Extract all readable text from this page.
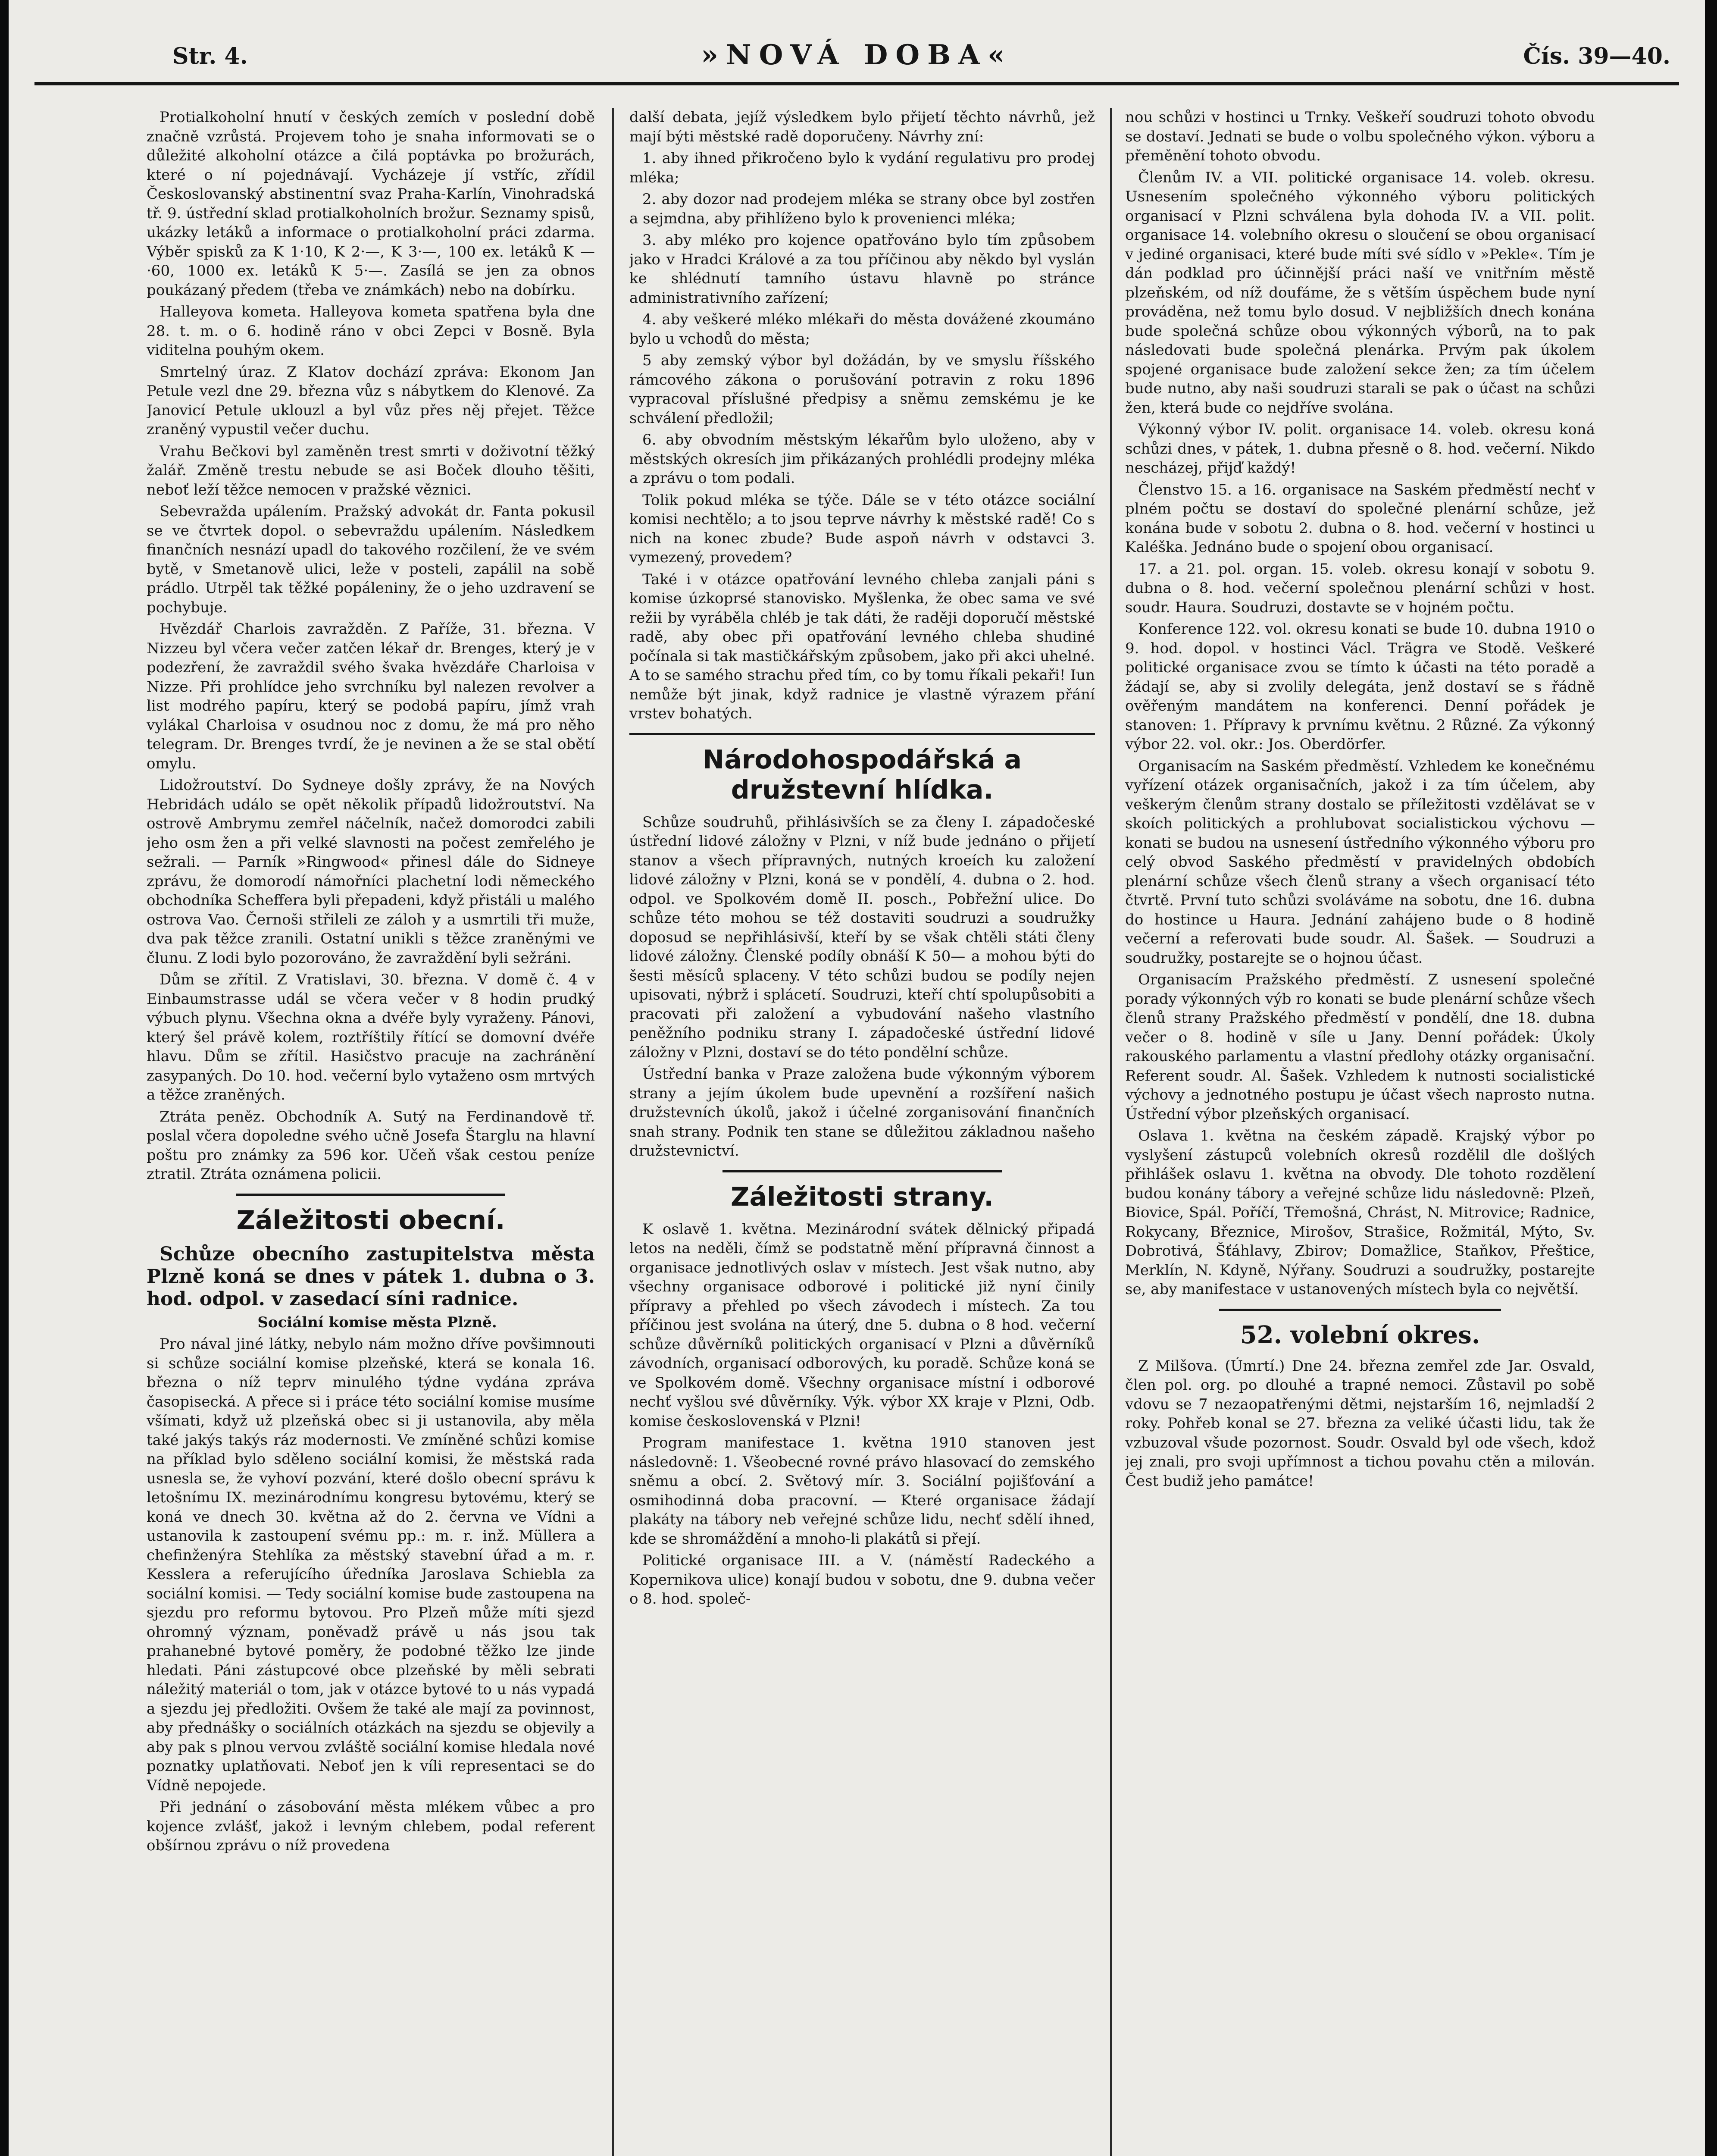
Str. 4.	»NOVÁ DOBA«	Čís. 39—40.

Protialkoholní hnutí v českých zemích v poslední době značně vzrůstá. Projevem toho je snaha informovati se o důležité alkoholní otázce a čilá poptávka po brožurách, které o ní pojednávají. Vycházeje jí vstříc, zřídil Českoslovanský abstinentní svaz Praha-Karlín, Vinohradská tř. 9. ústřední sklad protialkoholních brožur. Seznamy spisů, ukázky letáků a informace o protialkoholní práci zdarma. Výběr spisků za K 1·10, K 2·—, K 3·—, 100 ex. letáků K —·60, 1000 ex. letáků K 5·—. Zasílá se jen za obnos poukázaný předem (třeba ve známkách) nebo na dobírku.

Halleyova kometa. Halleyova kometa spatřena byla dne 28. t. m. o 6. hodině ráno v obci Zepci v Bosně. Byla viditelna pouhým okem.

Smrtelný úraz. Z Klatov dochází zpráva: Ekonom Jan Petule vezl dne 29. března vůz s nábytkem do Klenové. Za Janovicí Petule uklouzl a byl vůz přes něj přejet. Těžce zraněný vypustil večer duchu.

Vrahu Bečkovi byl zaměněn trest smrti v doživotní těžký žalář. Změně trestu nebude se asi Boček dlouho těšiti, neboť leží těžce nemocen v pražské věznici.

Sebevražda upálením. Pražský advokát dr. Fanta pokusil se ve čtvrtek dopol. o sebevraždu upálením. Následkem finančních nesnází upadl do takového rozčilení, že ve svém bytě, v Smetanově ulici, leže v posteli, zapálil na sobě prádlo. Utrpěl tak těžké popáleniny, že o jeho uzdravení se pochybuje.

Hvězdář Charlois zavražděn. Z Paříže, 31. března. V Nizzeu byl včera večer zatčen lékař dr. Brenges, který je v podezření, že zavraždil svého švaka hvězdáře Charloisa v Nizze. Při prohlídce jeho svrchníku byl nalezen revolver a list modrého papíru, který se podobá papíru, jímž vrah vylákal Charloisa v osudnou noc z domu, že má pro něho telegram. Dr. Brenges tvrdí, že je nevinen a že se stal obětí omylu.

Lidožroutství. Do Sydneye došly zprávy, že na Nových Hebridách událo se opět několik případů lidožroutství. Na ostrově Ambrymu zemřel náčelník, načež domorodci zabili jeho osm žen a při velké slavnosti na počest zemřelého je sežrali. — Parník »Ringwood« přinesl dále do Sidneye zprávu, že domorodí námořníci plachetní lodi německého obchodníka Scheffera byli přepadeni, když přistáli u malého ostrova Vao. Černoši střileli ze záloh y a usmrtili tři muže, dva pak těžce zranili. Ostatní unikli s těžce zraněnými ve člunu. Z lodi bylo pozorováno, že zavraždění byli sežráni.

Dům se zřítil. Z Vratislavi, 30. března. V domě č. 4 v Einbaumstrasse udál se včera večer v 8 hodin prudký výbuch plynu. Všechna okna a dvéře byly vyraženy. Pánovi, který šel právě kolem, roztříštily řítící se domovní dvéře hlavu. Dům se zřítil. Hasičstvo pracuje na zachránění zasypaných. Do 10. hod. večerní bylo vytaženo osm mrtvých a těžce zraněných.

Ztráta peněz. Obchodník A. Sutý na Ferdinandově tř. poslal včera dopoledne svého učně Josefa Štarglu na hlavní poštu pro známky za 596 kor. Učeň však cestou peníze ztratil. Ztráta oznámena policii.

Záležitosti obecní.

Schůze obecního zastupitelstva města Plzně koná se dnes v pátek 1. dubna o 3. hod. odpol. v zasedací síni radnice.

Sociální komise města Plzně.

Pro nával jiné látky, nebylo nám možno dříve povšimnouti si schůze sociální komise plzeňské, která se konala 16. března o níž teprv minulého týdne vydána zpráva časopisecká. A přece si i práce této sociální komise musíme všímati, když už plzeňská obec si ji ustanovila, aby měla také jakýs takýs ráz modernosti. Ve zmíněné schůzi komise na příklad bylo sděleno sociální komisi, že městská rada usnesla se, že vyhoví pozvání, které došlo obecní správu k letošnímu IX. mezinárodnímu kongresu bytovému, který se koná ve dnech 30. května až do 2. června ve Vídni a ustanovila k zastoupení svému pp.: m. r. inž. Müllera a chefinženýra Stehlíka za městský stavební úřad a m. r. Kesslera a referujícího úředníka Jaroslava Schiebla za sociální komisi. — Tedy sociální komise bude zastoupena na sjezdu pro reformu bytovou. Pro Plzeň může míti sjezd ohromný význam, poněvadž právě u nás jsou tak prahanebné bytové poměry, že podobné těžko lze jinde hledati. Páni zástupcové obce plzeňské by měli sebrati náležitý materiál o tom, jak v otázce bytové to u nás vypadá a sjezdu jej předložiti. Ovšem že také ale mají za povinnost, aby přednášky o sociálních otázkách na sjezdu se objevily a aby pak s plnou vervou zvláště sociální komise hledala nové poznatky uplatňovati. Neboť jen k víli representaci se do Vídně nepojede.

Při jednání o zásobování města mlékem vůbec a pro kojence zvlášť, jakož i levným chlebem, podal referent obšírnou zprávu o níž provedena

další debata, jejíž výsledkem bylo přijetí těchto návrhů, jež mají býti městské radě doporučeny. Návrhy zní:

1. aby ihned přikročeno bylo k vydání regulativu pro prodej mléka;

2. aby dozor nad prodejem mléka se strany obce byl zostřen a sejmdna, aby přihlíženo bylo k provenienci mléka;

3. aby mléko pro kojence opatřováno bylo tím způsobem jako v Hradci Králové a za tou příčinou aby někdo byl vyslán ke shlédnutí tamního ústavu hlavně po stránce administrativního zařízení;

4. aby veškeré mléko mlékaři do města dovážené zkoumáno bylo u vchodů do města;

5 aby zemský výbor byl dožádán, by ve smyslu říšského rámcového zákona o porušování potravin z roku 1896 vypracoval příslušné předpisy a sněmu zemskému je ke schválení předložil;

6. aby obvodním městským lékařům bylo uloženo, aby v městských okresích jim přikázaných prohlédli prodejny mléka a zprávu o tom podali.

Tolik pokud mléka se týče. Dále se v této otázce sociální komisi nechtělo; a to jsou teprve návrhy k městské radě! Co s nich na konec zbude? Bude aspoň návrh v odstavci 3. vymezený, provedem?

Také i v otázce opatřování levného chleba zanjali páni s komise úzkoprsé stanovisko. Myšlenka, že obec sama ve své režii by vyráběla chléb je tak dáti, že raději doporučí městské radě, aby obec při opatřování levného chleba shudiné počínala si tak mastičkářským způsobem, jako při akci uhelné. A to se samého strachu před tím, co by tomu říkali pekaři! Iun nemůže být jinak, když radnice je vlastně výrazem přání vrstev bohatých.

Národohospodářská a družstevní hlídka.

Schůze soudruhů, přihlásivších se za členy I. západočeské ústřední lidové záložny v Plzni, v níž bude jednáno o přijetí stanov a všech přípravných, nutných kroeích ku založení lidové záložny v Plzni, koná se v pondělí, 4. dubna o 2. hod. odpol. ve Spolkovém domě II. posch., Pobřežní ulice. Do schůze této mohou se též dostaviti soudruzi a soudružky doposud se nepřihlásivší, kteří by se však chtěli státi členy lidové záložny. Členské podíly obnáší K 50— a mohou býti do šesti měsíců splaceny. V této schůzi budou se podíly nejen upisovati, nýbrž i splácetí. Soudruzi, kteří chtí spolupůsobiti a pracovati při založení a vybudování našeho vlastního peněžního podniku strany I. západočeské ústřední lidové záložny v Plzni, dostaví se do této pondělní schůze.

Ústřední banka v Praze založena bude výkonným výborem strany a jejím úkolem bude upevnění a rozšíření našich družstevních úkolů, jakož i účelné zorganisování finančních snah strany. Podnik ten stane se důležitou základnou našeho družstevnictví.

Záležitosti strany.

K oslavě 1. května. Mezinárodní svátek dělnický připadá letos na neděli, čímž se podstatně mění přípravná činnost a organisace jednotlivých oslav v místech. Jest však nutno, aby všechny organisace odborové i politické již nyní činily přípravy a přehled po všech závodech i místech. Za tou příčinou jest svolána na úterý, dne 5. dubna o 8 hod. večerní schůze důvěrníků politických organisací v Plzni a důvěrníků závodních, organisací odborových, ku poradě. Schůze koná se ve Spolkovém domě. Všechny organisace místní i odborové nechť vyšlou své důvěrníky. Výk. výbor XX kraje v Plzni, Odb. komise československá v Plzni!

Program manifestace 1. května 1910 stanoven jest následovně: 1. Všeobecné rovné právo hlasovací do zemského sněmu a obcí. 2. Světový mír. 3. Sociální pojišťování a osmihodinná doba pracovní. — Které organisace žádají plakáty na tábory neb veřejné schůze lidu, nechť sdělí ihned, kde se shromáždění a mnoho-li plakátů si přejí.

Politické organisace III. a V. (náměstí Radeckého a Kopernikova ulice) konají budou v sobotu, dne 9. dubna večer o 8. hod. společ-

nou schůzi v hostinci u Trnky. Veškeří soudruzi tohoto obvodu se dostaví. Jednati se bude o volbu společného výkon. výboru a přeměnění tohoto obvodu.

Členům IV. a VII. politické organisace 14. voleb. okresu. Usnesením společného výkonného výboru politických organisací v Plzni schválena byla dohoda IV. a VII. polit. organisace 14. volebního okresu o sloučení se obou organisací v jediné organisaci, které bude míti své sídlo v »Peklе«. Tím je dán podklad pro účinnější práci naší ve vnitřním městě plzeňském, od níž doufáme, že s větším úspěchem bude nyní prováděna, než tomu bylo dosud. V nejbližších dnech konána bude společná schůze obou výkonných výborů, na to pak následovati bude společná plenárka. Prvým pak úkolem spojené organisace bude založení sekce žen; za tím účelem bude nutno, aby naši soudruzi starali se pak o účast na schůzi žen, která bude co nejdříve svolána.

Výkonný výbor IV. polit. organisace 14. voleb. okresu koná schůzi dnes, v pátek, 1. dubna přesně o 8. hod. večerní. Nikdo nescházej, přijď každý!

Členstvo 15. a 16. organisace na Saském předměstí nechť v plném počtu se dostaví do společné plenární schůze, jež konána bude v sobotu 2. dubna o 8. hod. večerní v hostinci u Kaléška. Jednáno bude o spojení obou organisací.

17. a 21. pol. organ. 15. voleb. okresu konají v sobotu 9. dubna o 8. hod. večerní společnou plenární schůzi v host. soudr. Haura. Soudruzi, dostavte se v hojném počtu.

Konference 122. vol. okresu konati se bude 10. dubna 1910 o 9. hod. dopol. v hostinci Václ. Trägra ve Stodě. Veškeré politické organisace zvou se tímto k účasti na této poradě a žádají se, aby si zvolily delegáta, jenž dostaví se s řádně ověřeným mandátem na konferenci. Denní pořádek je stanoven: 1. Přípravy k prvnímu květnu. 2 Různé. Za výkonný výbor 22. vol. okr.: Jos. Oberdörfer.

Organisacím na Saském předměstí. Vzhledem ke konečnému vyřízení otázek organisačních, jakož i za tím účelem, aby veškerým členům strany dostalo se příležitosti vzdělávat se v skoích politických a prohlubovat socialistickou výchovu — konati se budou na usnesení ústředního výkonného výboru pro celý obvod Saského předměstí v pravidelných obdobích plenární schůze všech členů strany a všech organisací této čtvrtě. První tuto schůzi svoláváme na sobotu, dne 16. dubna do hostince u Haura. Jednání zahájeno bude o 8 hodině večerní a referovati bude soudr. Al. Šašek. — Soudruzi a soudružky, postarejte se o hojnou účast.

Organisacím Pražského předměstí. Z usnesení společné porady výkonných výb ro konati se bude plenární schůze všech členů strany Pražského předměstí v pondělí, dne 18. dubna večer o 8. hodině v síle u Jany. Denní pořádek: Úkoly rakouského parlamentu a vlastní předlohy otázky organisační. Referent soudr. Al. Šašek. Vzhledem k nutnosti socialistické výchovy a jednotného postupu je účast všech naprosto nutna. Ústřední výbor plzeňských organisací.

Oslava 1. května na českém západě. Krajský výbor po vyslyšení zástupců volebních okresů rozdělil dle došlých přihlášek oslavu 1. května na obvody. Dle tohoto rozdělení budou konány tábory a veřejné schůze lidu následovně: Plzeň, Biovice, Spál. Poříčí, Třemošná, Chrást, N. Mitrovice; Radnice, Rokycany, Březnice, Mirošov, Strašice, Rožmitál, Mýto, Sv. Dobrotivá, Šťáhlavy, Zbirov; Domažlice, Staňkov, Přeštice, Merklín, N. Kdyně, Nýřany. Soudruzi a soudružky, postarejte se, aby manifestace v ustanovených místech byla co největší.

52. volební okres.

Z Milšova. (Úmrtí.) Dne 24. března zemřel zde Jar. Osvald, člen pol. org. po dlouhé a trapné nemoci. Zůstavil po sobě vdovu se 7 nezaopatřenými dětmi, nejstarším 16, nejmladší 2 roky. Pohřeb konal se 27. března za veliké účasti lidu, tak že vzbuzoval všude pozornost. Soudr. Osvald byl ode všech, kdož jej znali, pro svoji upřímnost a tichou povahu ctěn a milován. Čest budiž jeho památce!
